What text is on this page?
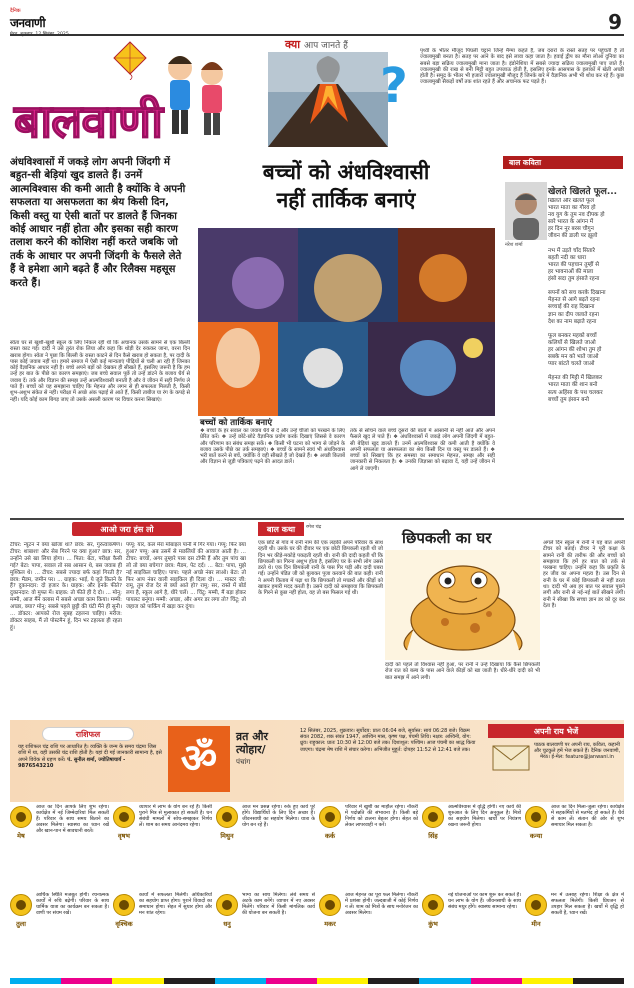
दैनिक
जनवाणी	9
क्या आप जानते हैं
?
पृथ्वी के भीतर मौजूद पिघली चट्टानें जिन्हें मैग्मा कहते हैं, जब दरारों के रास्ते सतह पर पहुंचती हैं तो ज्वालामुखी बनता है। सतह पर आने के बाद इसे लावा कहा जाता है। हवाई द्वीप का मौना लोआ दुनिया का सबसे बड़ा सक्रिय ज्वालामुखी माना जाता है। इंडोनेशिया में सबसे ज्यादा सक्रिय ज्वालामुखी पाए जाते हैं। ज्वालामुखी की राख से बनी मिट्टी बहुत उपजाऊ होती है, इसलिए इनके आसपास के इलाकों में खेती अच्छी होती है। समुद्र के भीतर भी हजारों ज्वालामुखी मौजूद हैं जिनके बारे में वैज्ञानिक अभी भी शोध कर रहे हैं। कुछ ज्वालामुखी सैकड़ों वर्षों तक शांत रहते हैं और अचानक फट पड़ते हैं।
बालवाणी
अंधविश्वासों में जकड़े लोग अपनी जिंदगी में बहुत-सी बेड़ियां खुद डालते हैं। उनमें आत्मविश्वास की कमी आती है क्योंकि वे अपनी सफलता या असफलता का श्रेय किसी दिन, किसी वस्तु या ऐसी बातों पर डालते हैं जिनका कोई आधार नहीं होता और इसका सही कारण तलाश करने की कोशिश नहीं करते जबकि जो तर्क के आधार पर अपनी जिंदगी के फैसले लेते हैं वे हमेशा आगे बढ़ते हैं और रिलैक्स महसूस करते हैं।
स्वेता घर से खुशी-खुशी स्कूल के लिए निकल रही थी कि अचानक उसके सामने से एक बिल्ली रास्ता काट गई। दादी ने उसे तुरंत रोक लिया और कहा कि थोड़ी देर रुककर जाना, वरना दिन खराब होगा। स्वेता ने पूछा कि बिल्ली के रास्ता काटने से दिन कैसे खराब हो सकता है, पर दादी के पास कोई जवाब नहीं था। हमारे समाज में ऐसी कई मान्यताएं पीढ़ियों से चली आ रही हैं जिनका कोई वैज्ञानिक आधार नहीं है। बच्चे अपने बड़ों को देखकर ही सीखते हैं, इसलिए जरूरी है कि हम उन्हें हर बात के पीछे का कारण समझाएं। जब बच्चे सवाल पूछें तो उन्हें डांटने के बजाय धैर्य से जवाब दें। तर्क और विज्ञान की समझ उन्हें आत्मविश्वासी बनाती है और वे जीवन में सही निर्णय ले पाते हैं। बच्चों को यह समझाना चाहिए कि मेहनत और लगन से ही सफलता मिलती है, किसी शुभ-अशुभ संकेत से नहीं। परीक्षा में अच्छे अंक पढ़ाई से आते हैं, किसी ताबीज या रंग के कपड़े से नहीं। यदि कोई काम बिगड़ जाए तो उसके असली कारण पर विचार करना सिखाएं।
बच्चों को अंधविश्वासी
नहीं तार्किक बनाएं
बच्चों को तार्किक बनाएं
❖ बच्चों के हर सवाल का जवाब धैर्य से दें और उन्हें चीजों को परखने के लिए प्रेरित करें। ❖ उन्हें छोटे-छोटे वैज्ञानिक प्रयोग करके दिखाएं जिससे वे कारण और परिणाम का संबंध समझ सकें। ❖ किसी भी घटना को भाग्य से जोड़ने के बजाय उसके पीछे का तर्क समझाएं। ❖ बच्चों के सामने स्वयं भी अंधविश्वास भरी बातें करने से बचें, क्योंकि वे वही सीखते हैं जो देखते हैं। ❖ अच्छी किताबें और विज्ञान से जुड़ी पत्रिकाएं पढ़ने की आदत डालें।
तर्क से सोचने वाले बच्चे दूसरों की बातों में आसानी से नहीं आते और अपने फैसले खुद ले पाते हैं। ❖ अंधविश्वासों में जकड़े लोग अपनी जिंदगी में बहुत-सी बेड़ियां खुद डालते हैं। उनमें आत्मविश्वास की कमी आती है क्योंकि वे अपनी सफलता या असफलता का श्रेय किसी दिन या वस्तु पर डालते हैं। ❖ बच्चों को सिखाएं कि हर समस्या का समाधान मेहनत, समझ और सही जानकारी से निकलता है। ❖ उनकी जिज्ञासा को बढ़ावा दें, यही उन्हें जीवन में आगे ले जाएगी।
बाल कविता
नरेश शर्मा
खेलते खिलते फूल...
खिलते और खेलते फूल
भारत माता का गौरव हो
नव युग के तुम नव दीपक हो
सारे भारत के आंगन में
हर दिन नूर बरस चौगुन
जीवन की डाली पर झूलो

नभ में उड़ते चाँद सितारे
बहती नदी का धारा
भारत की पहचान तुम्हीं से
हर भावनाओं की माला
हंसो सदा तुम हंसाते रहना

सपनों को सच करके दिखाना
मेहनत से आगे बढ़ते रहना
सच्चाई की राह दिखाना
ज्ञान का दीप जलाते रहना
देश का नाम बढ़ाते रहना

फूल बनकर महको बच्चों
कलियों से खिलते जाओ
हर आंगन की शोभा तुम हो
सबके मन को भाते जाओ
प्यार बांटते चलते जाओ

मेहनत की मिट्टी में खिलकर
भारत माता की शान बनो
सत्य अहिंसा के पथ चलकर
बच्चों तुम इंसान बनो
आओ जरा हंस लो
टीचर: न्यूटन ने क्या खोजा था? छात्र: सर, गुरुत्वाकर्षण। टीचर: शाबाश! और सेब गिरने पर क्या हुआ? छात्र: सर, उन्होंने उसे खा लिया होगा। ... पिता: बेटा, परीक्षा कैसी गई? बेटा: पापा, सवाल तो सब आसान थे, बस जवाब ही मुश्किल थे। ... टीचर: सबसे ज्यादा बर्फ कहां गिरती है? छात्र: मैडम, जमीन पर। ... ग्राहक: भाई, ये जूते कितने के हैं? दुकानदार: दो हजार के। ग्राहक: और इनके फीते? दुकानदार: वो मुफ्त में। ग्राहक: तो फीते ही दे दो। ... मोनू: मम्मी, आज मैंने क्लास में सबसे अच्छा काम किया। मम्मी: अच्छा, क्या? मोनू: सबसे पहले छुट्टी की घंटी मैंने ही सुनी। ... डॉक्टर: आपको रोज सुबह टहलना चाहिए। मरीज: डॉक्टर साहब, मैं तो पोस्टमैन हूं, दिन भर टहलता ही रहता हूं।
पप्पू: यार, कल मेरा मोबाइल पानी में गिर गया। गप्पू: फिर क्या हुआ? पप्पू: अब उसमें से मछलियों की आवाज आती है। ... टीचर: बच्चों, अगर तुम्हारे पास दस टॉफी हैं और तुम पांच खा लो तो क्या बचेगा? छात्र: मैडम, पेट दर्द। ... बेटा: पापा, मुझे नई साइकिल चाहिए। पापा: पहले अच्छे नंबर लाओ। बेटा: तो फिर आप नंबर वाली साइकिल ही दिला दो। ... मास्टर जी: रामू, तुम रोज देर से क्यों आते हो? रामू: सर, रास्ते में बोर्ड लगा है, स्कूल आगे है, धीरे चलें। ... चिंटू: मम्मी, मैं बड़ा होकर पायलट बनूंगा। मम्मी: अच्छा, और अगर डर लगा तो? चिंटू: तो जहाज को पार्किंग में खड़ा कर दूंगा।
बाल कथा	रमेश चंद्र
छिपकली का घर
एक छोटे से गांव में रानी नाम की एक लड़की अपने परिवार के साथ रहती थी। उसके घर की दीवार पर एक छोटी छिपकली रहती थी जो दिन भर कीड़े-मकोड़े पकड़ती रहती थी। रानी की दादी कहती थीं कि छिपकली का गिरना अशुभ होता है, इसलिए घर के सभी लोग उससे डरते थे। एक दिन छिपकली रानी के पास गिर पड़ी और दादी घबरा गईं। उन्होंने पंडित जी को बुलाकर पूजा करवाने की बात कही। रानी ने अपनी किताब में पढ़ा था कि छिपकली तो मच्छरों और कीड़ों को खाकर हमारी मदद करती है। उसने दादी को समझाया कि छिपकली के गिरने से कुछ नहीं होता, वह तो बस फिसल गई थी।
दादी को पहले तो विश्वास नहीं हुआ, पर रानी ने उन्हें दिखाया कि कैसे छिपकली रोज रात को बल्ब के पास आने वाले कीड़ों को खा जाती है। धीरे-धीरे दादी को भी बात समझ में आने लगी।
अगले दिन स्कूल में रानी ने यह बात अपनी टीचर को बताई। टीचर ने पूरी कक्षा के सामने रानी की तारीफ की और बच्चों को समझाया कि हमें हर बात को तर्क से परखना चाहिए। उन्होंने कहा कि प्रकृति के हर जीव का अपना महत्व है। उस दिन से रानी के घर में कोई छिपकली से नहीं डरता था। दादी भी अब हर बात पर सवाल पूछने लगीं और रानी से नई-नई बातें सीखने लगीं। रानी ने सीखा कि सच्चा ज्ञान डर को दूर कर देता है।
राशिफल
यह राशिफल चंद्र राशि पर आधारित है। व्यक्ति के जन्म के समय चंद्रमा जिस राशि में था, वही उसकी चंद्र राशि होती है। यहां दी गई जानकारी सामान्य है, इसे अपने विवेक से ग्रहण करें। पं. सुनील शर्मा, ज्योतिषाचार्य - 9876543210	ॐ	व्रत और त्योहार/
पंचांग
12 सितंबर, 2025, शुक्रवार। सूर्योदय: प्रातः 06:04 बजे, सूर्यास्त: सायं 06:28 बजे। विक्रम संवत 2082, शक संवत 1947, आश्विन मास, कृष्ण पक्ष, पंचमी तिथि। नक्षत्र: अश्विनी, योग: ध्रुव। राहुकाल: प्रातः 10:30 से 12:00 बजे तक। दिशाशूल: पश्चिम। आज पंचमी का श्राद्ध किया जाएगा। चंद्रमा मेष राशि में संचार करेगा। अभिजीत मुहूर्त: दोपहर 11:52 से 12:41 बजे तक।
अपनी राय भेजें
पाठक बालवाणी पर अपनी राय, कविता, कहानी और चुटकुले हमें भेज सकते हैं। दैनिक जनवाणी, मेरठ। ई-मेल: feature@janwani.in
मेष
आज का दिन आपके लिए शुभ रहेगा। कार्यक्षेत्र में नई जिम्मेदारियां मिल सकती हैं। परिवार के साथ समय बिताने का अवसर मिलेगा। स्वास्थ्य का ध्यान रखें और खान-पान में सावधानी बरतें।
वृषभ
व्यापार में लाभ के योग बन रहे हैं। किसी पुराने मित्र से मुलाकात हो सकती है। धन संबंधी मामलों में सोच-समझकर निर्णय लें। शाम का समय आनंदमय रहेगा।
मिथुन
आज मन प्रसन्न रहेगा। रुके हुए कार्य पूरे होंगे। विद्यार्थियों के लिए दिन अच्छा है। जीवनसाथी का सहयोग मिलेगा। यात्रा के योग बन रहे हैं।
कर्क
परिवार में खुशी का माहौल रहेगा। नौकरी में पदोन्नति की संभावना है। किसी बड़े निर्णय को टालना बेहतर होगा। सेहत को लेकर लापरवाही न करें।
सिंह
आत्मविश्वास में वृद्धि होगी। नए कार्य की शुरुआत के लिए दिन अनुकूल है। मित्रों का सहयोग मिलेगा। खर्चों पर नियंत्रण रखना जरूरी होगा।
कन्या
आज का दिन मिला-जुला रहेगा। कार्यक्षेत्र में सहकर्मियों से मतभेद हो सकते हैं। धैर्य से काम लें। संतान की ओर से शुभ समाचार मिल सकता है।
तुला
आर्थिक स्थिति मजबूत होगी। रचनात्मक कार्यों में रुचि बढ़ेगी। परिवार के साथ धार्मिक यात्रा का कार्यक्रम बन सकता है। वाणी पर संयम रखें।
वृश्चिक
कार्यों में सफलता मिलेगी। अधिकारियों का सहयोग प्राप्त होगा। पुराने विवादों का समाधान होगा। सेहत में सुधार होगा और मन शांत रहेगा।
धनु
भाग्य का साथ मिलेगा। लंबे समय से अटके काम बनेंगे। व्यापार में नए अवसर मिलेंगे। परिवार में किसी मांगलिक कार्य की योजना बन सकती है।
मकर
आज मेहनत का पूरा फल मिलेगा। नौकरी में प्रशंसा होगी। जल्दबाजी में कोई निर्णय न लें। शाम को मित्रों के साथ मनोरंजन का अवसर मिलेगा।
कुंभ
नई योजनाओं पर काम शुरू कर सकते हैं। धन लाभ के योग हैं। जीवनसाथी के साथ संबंध मधुर होंगे। स्वास्थ्य सामान्य रहेगा।
मीन
मन में उत्साह रहेगा। शिक्षा के क्षेत्र में सफलता मिलेगी। किसी प्रियजन से उपहार मिल सकता है। खर्चों में वृद्धि हो सकती है, ध्यान रखें।
